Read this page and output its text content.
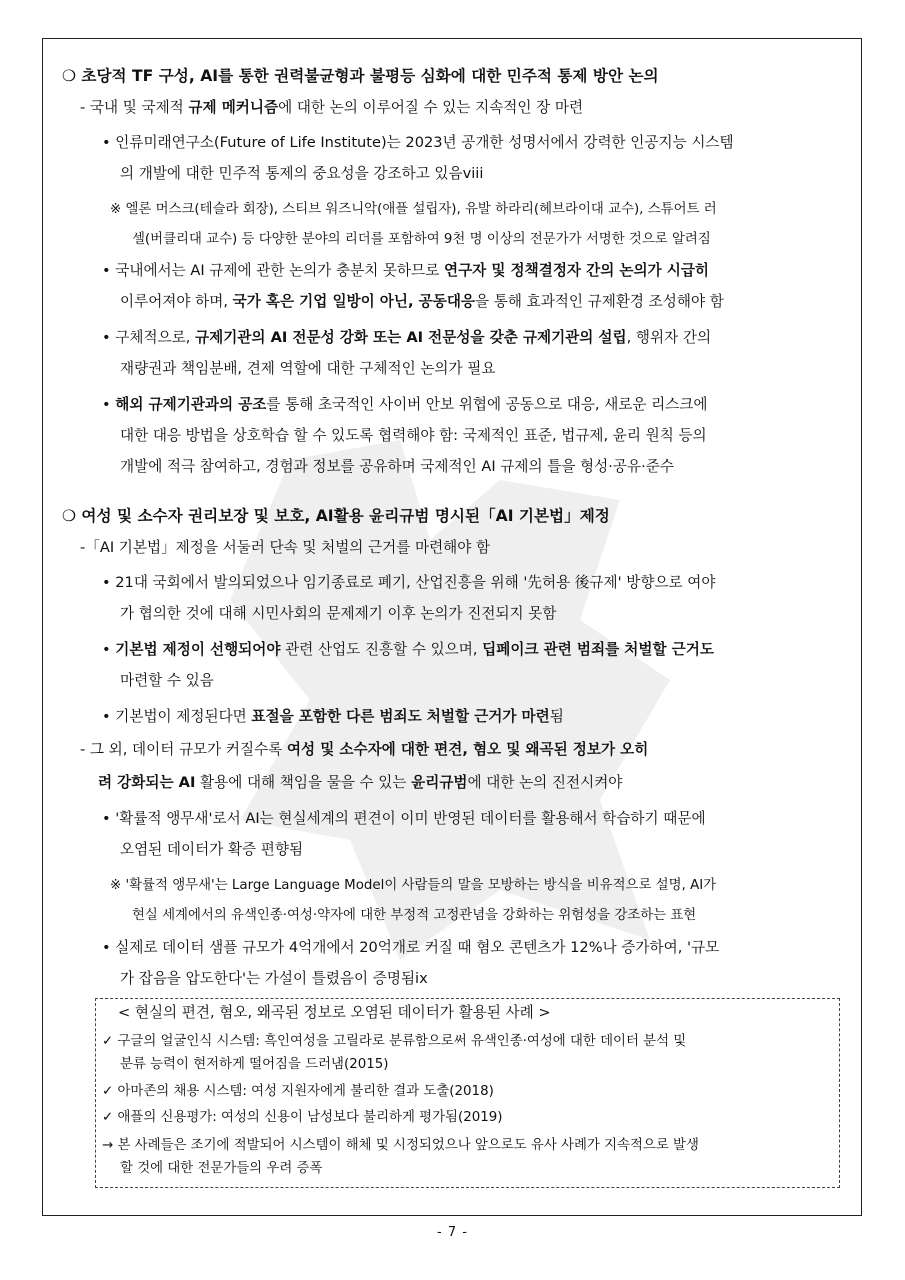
❍ 초당적 TF 구성, AI를 통한 권력불균형과 불평등 심화에 대한 민주적 통제 방안 논의
- 국내 및 국제적 규제 메커니즘에 대한 논의 이루어질 수 있는 지속적인 장 마련
• 인류미래연구소(Future of Life Institute)는 2023년 공개한 성명서에서 강력한 인공지능 시스템
의 개발에 대한 민주적 통제의 중요성을 강조하고 있음viii
※ 엘론 머스크(테슬라 회장), 스티브 워즈니악(애플 설립자), 유발 하라리(헤브라이대 교수), 스튜어트 러
셀(버클리대 교수) 등 다양한 분야의 리더를 포함하여 9천 명 이상의 전문가가 서명한 것으로 알려짐
• 국내에서는 AI 규제에 관한 논의가 충분치 못하므로 연구자 및 정책결정자 간의 논의가 시급히
이루어져야 하며, 국가 혹은 기업 일방이 아닌, 공동대응을 통해 효과적인 규제환경 조성해야 함
• 구체적으로, 규제기관의 AI 전문성 강화 또는 AI 전문성을 갖춘 규제기관의 설립, 행위자 간의
재량권과 책임분배, 견제 역할에 대한 구체적인 논의가 필요
• 해외 규제기관과의 공조를 통해 초국적인 사이버 안보 위협에 공동으로 대응, 새로운 리스크에
대한 대응 방법을 상호학습 할 수 있도록 협력해야 함: 국제적인 표준, 법규제, 윤리 원칙 등의
개발에 적극 참여하고, 경험과 정보를 공유하며 국제적인 AI 규제의 틀을 형성·공유·준수
❍ 여성 및 소수자 권리보장 및 보호, AI활용 윤리규범 명시된「AI 기본법」제정
-「AI 기본법」제정을 서둘러 단속 및 처벌의 근거를 마련해야 함
• 21대 국회에서 발의되었으나 임기종료로 폐기, 산업진흥을 위해 '先허용 後규제' 방향으로 여야
가 협의한 것에 대해 시민사회의 문제제기 이후 논의가 진전되지 못함
• 기본법 제정이 선행되어야 관련 산업도 진흥할 수 있으며, 딥페이크 관련 범죄를 처벌할 근거도
마련할 수 있음
• 기본법이 제정된다면 표절을 포함한 다른 범죄도 처벌할 근거가 마련됨
- 그 외, 데이터 규모가 커질수록 여성 및 소수자에 대한 편견, 혐오 및 왜곡된 정보가 오히
려 강화되는 AI 활용에 대해 책임을 물을 수 있는 윤리규범에 대한 논의 진전시켜야
• '확률적 앵무새'로서 AI는 현실세계의 편견이 이미 반영된 데이터를 활용해서 학습하기 때문에
오염된 데이터가 확증 편향됨
※ '확률적 앵무새'는 Large Language Model이 사람들의 말을 모방하는 방식을 비유적으로 설명, AI가
현실 세계에서의 유색인종·여성·약자에 대한 부정적 고정관념을 강화하는 위험성을 강조하는 표현
• 실제로 데이터 샘플 규모가 4억개에서 20억개로 커질 때 혐오 콘텐츠가 12%나 증가하여, '규모
가 잡음을 압도한다'는 가설이 틀렸음이 증명됨ix
< 현실의 편견, 혐오, 왜곡된 정보로 오염된 데이터가 활용된 사례 >
✓ 구글의 얼굴인식 시스템: 흑인여성을 고릴라로 분류함으로써 유색인종·여성에 대한 데이터 분석 및
분류 능력이 현저하게 떨어짐을 드러냄(2015)
✓ 아마존의 채용 시스템: 여성 지원자에게 불리한 결과 도출(2018)
✓ 애플의 신용평가: 여성의 신용이 남성보다 불리하게 평가됨(2019)
→ 본 사례들은 조기에 적발되어 시스템이 해체 및 시정되었으나 앞으로도 유사 사례가 지속적으로 발생
할 것에 대한 전문가들의 우려 증폭
- 7 -
